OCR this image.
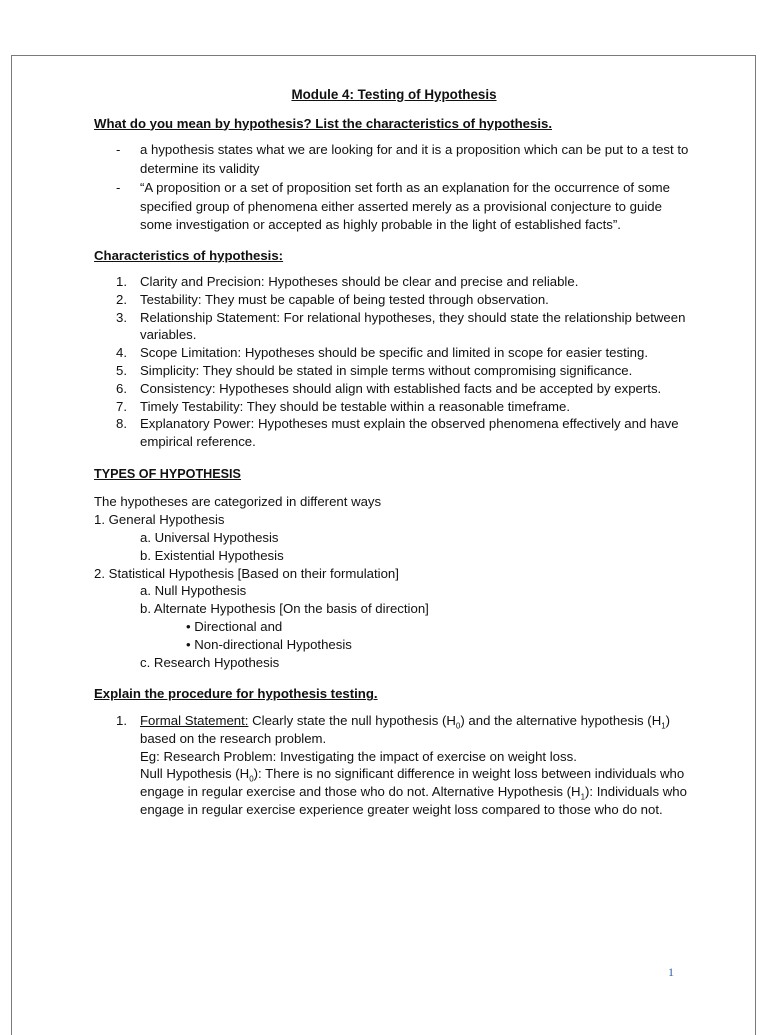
Module 4: Testing of Hypothesis

What do you mean by hypothesis? List the characteristics of hypothesis.

- a hypothesis states what we are looking for and it is a proposition which can be put to a test to determine its validity
- “A proposition or a set of proposition set forth as an explanation for the occurrence of some specified group of phenomena either asserted merely as a provisional conjecture to guide some investigation or accepted as highly probable in the light of established facts”.

Characteristics of hypothesis:

1. Clarity and Precision: Hypotheses should be clear and precise and reliable.
2. Testability: They must be capable of being tested through observation.
3. Relationship Statement: For relational hypotheses, they should state the relationship between variables.
4. Scope Limitation: Hypotheses should be specific and limited in scope for easier testing.
5. Simplicity: They should be stated in simple terms without compromising significance.
6. Consistency: Hypotheses should align with established facts and be accepted by experts.
7. Timely Testability: They should be testable within a reasonable timeframe.
8. Explanatory Power: Hypotheses must explain the observed phenomena effectively and have empirical reference.

TYPES OF HYPOTHESIS

The hypotheses are categorized in different ways

1. General Hypothesis

a. Universal Hypothesis

b. Existential Hypothesis

2. Statistical Hypothesis [Based on their formulation]

a. Null Hypothesis

b. Alternate Hypothesis [On the basis of direction]

• Directional and

• Non-directional Hypothesis

c. Research Hypothesis

Explain the procedure for hypothesis testing.

1. Formal Statement: Clearly state the null hypothesis $(H_0)$ and the alternative hypothesis $(H_1)$ based on the research problem.
Eg: Research Problem: Investigating the impact of exercise on weight loss.
Null Hypothesis $(H_0)$: There is no significant difference in weight loss between individuals who engage in regular exercise and those who do not. Alternative Hypothesis $(H_1)$: Individuals who engage in regular exercise experience greater weight loss compared to those who do not.
1
